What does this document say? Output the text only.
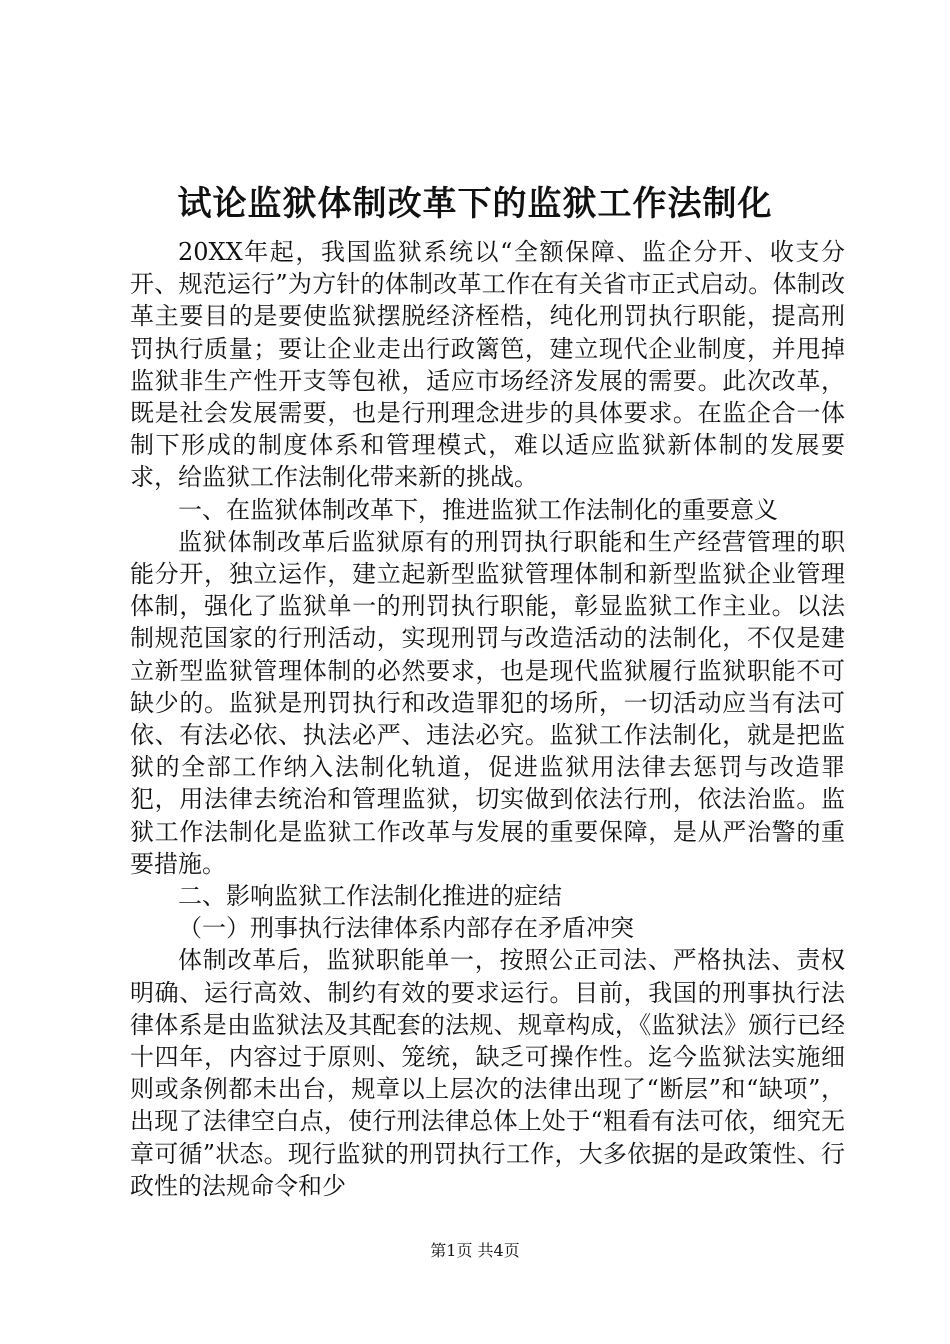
试论监狱体制改革下的监狱工作法制化

20XX年起，我国监狱系统以“全额保障、监企分开、收支分开、规范运行”为方针的体制改革工作在有关省市正式启动。体制改革主要目的是要使监狱摆脱经济桎梏，纯化刑罚执行职能，提高刑罚执行质量；要让企业走出行政篱笆，建立现代企业制度，并甩掉监狱非生产性开支等包袱，适应市场经济发展的需要。此次改革，既是社会发展需要，也是行刑理念进步的具体要求。在监企合一体制下形成的制度体系和管理模式，难以适应监狱新体制的发展要求，给监狱工作法制化带来新的挑战。

一、在监狱体制改革下，推进监狱工作法制化的重要意义

监狱体制改革后监狱原有的刑罚执行职能和生产经营管理的职能分开，独立运作，建立起新型监狱管理体制和新型监狱企业管理体制，强化了监狱单一的刑罚执行职能，彰显监狱工作主业。以法制规范国家的行刑活动，实现刑罚与改造活动的法制化，不仅是建立新型监狱管理体制的必然要求，也是现代监狱履行监狱职能不可缺少的。监狱是刑罚执行和改造罪犯的场所，一切活动应当有法可依、有法必依、执法必严、违法必究。监狱工作法制化，就是把监狱的全部工作纳入法制化轨道，促进监狱用法律去惩罚与改造罪犯，用法律去统治和管理监狱，切实做到依法行刑，依法治监。监狱工作法制化是监狱工作改革与发展的重要保障，是从严治警的重要措施。

二、影响监狱工作法制化推进的症结

（一）刑事执行法律体系内部存在矛盾冲突

体制改革后，监狱职能单一，按照公正司法、严格执法、责权明确、运行高效、制约有效的要求运行。目前，我国的刑事执行法律体系是由监狱法及其配套的法规、规章构成，《监狱法》颁行已经十四年，内容过于原则、笼统，缺乏可操作性。迄今监狱法实施细则或条例都未出台，规章以上层次的法律出现了“断层”和“缺项”，出现了法律空白点，使行刑法律总体上处于“粗看有法可依，细究无章可循”状态。现行监狱的刑罚执行工作，大多依据的是政策性、行政性的法规命令和少

第1页 共4页
